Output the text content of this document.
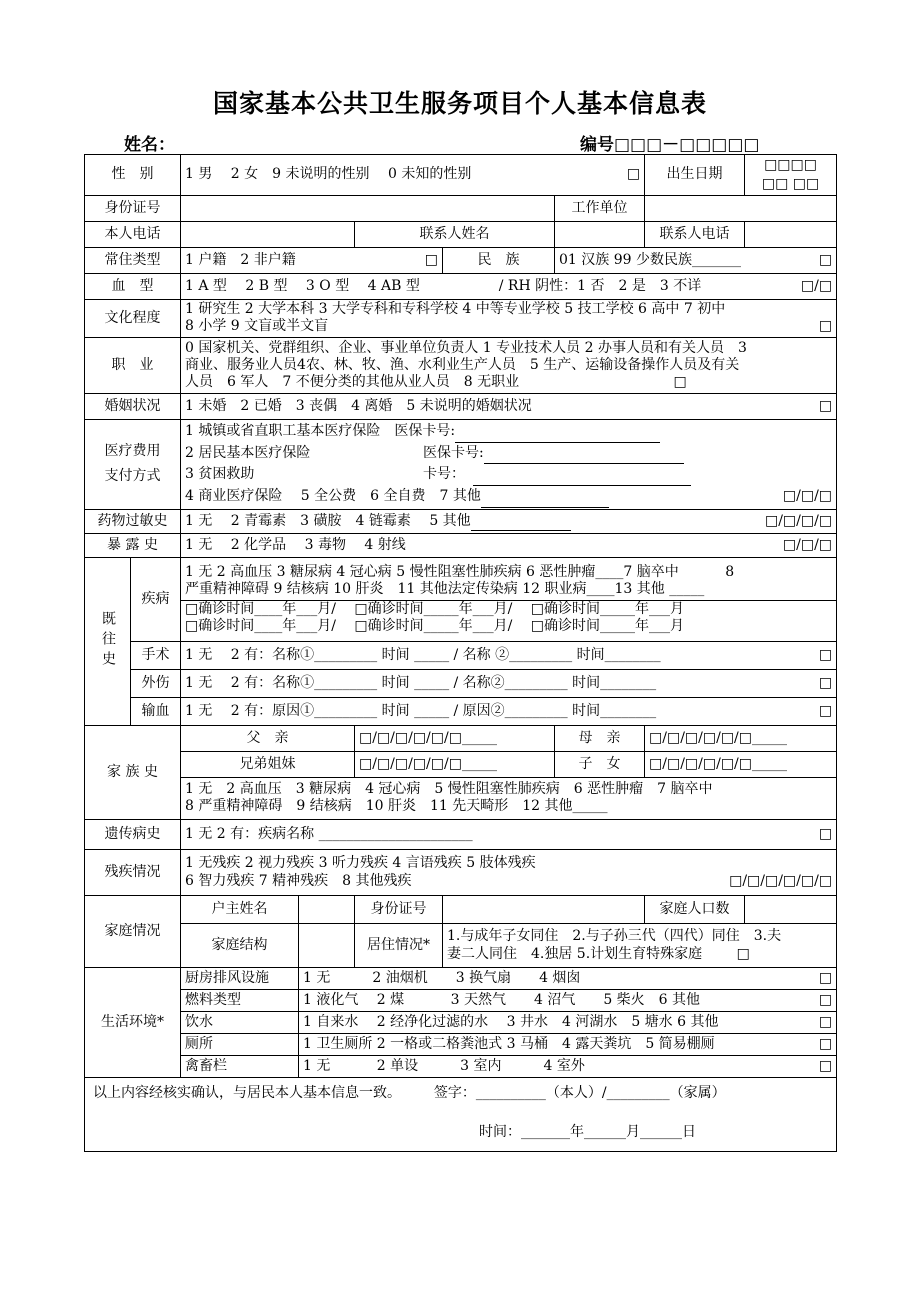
国家基本公共卫生服务项目个人基本信息表
姓名：	编号□□□－□□□□□
性　别		1 男　 2 女　9 未说明的性别　 0 未知的性别 □					出生日期	□□□□ □□ □□
身份证号						工作单位		
本人电话				联系人姓名			联系人电话	
常住类型		1 户籍　2 非户籍 □			民　族	01 汉族 99 少数民族_______ □		

血　型		1 A 型　 2 B 型　 3 O 型　 4 AB 型 / RH 阴性：1 否　2 是　3 不详 □/□						

文化程度		1 研究生 2 大学本科 3 大学专科和专科学校 4 中等专业学校 5 技工学校 6 高中 7 初中
8 小学 9 文盲或半文盲 □						

职　业		0 国家机关、党群组织、企业、事业单位负责人 1 专业技术人员 2 办事人员和有关人员　3
商业、服务业人员4农、林、牧、渔、水利业生产人员　5 生产、运输设备操作人员及有关
人员　6 军人　7 不便分类的其他从业人员　8 无职业 □						

婚姻状况		1 未婚　2 已婚　3 丧偶　4 离婚　5 未说明的婚姻状况 □						

医疗费用
支付方式		1 城镇或省直职工基本医疗保险　医保卡号:
2 居民基本医疗保险 医保卡号:
3 贫困救助 卡号：
4 商业医疗保险　 5 全公费　6 全自费　7 其他 □/□/□						

药物过敏史		1 无　 2 青霉素　3 磺胺　4 链霉素　 5 其他 □/□/□/□						

暴 露 史		1 无　 2 化学品　 3 毒物　 4 射线 □/□/□						

既往史	疾病	1 无 2 高血压 3 糖尿病 4 冠心病 5 慢性阻塞性肺疾病 6 恶性肿瘤____7 脑卒中　　　 8
严重精神障碍 9 结核病 10 肝炎　11 其他法定传染病 12 职业病____13 其他 _____
□确诊时间____年___月/　 □确诊时间_____年___月/　 □确诊时间_____年___月
□确诊时间____年___月/　 □确诊时间_____年___月/　 □确诊时间_____年___月						

	手术	1 无　 2 有：名称①_________ 时间 _____ / 名称 ②_________ 时间________ □						

	外伤	1 无　 2 有：名称①_________ 时间 _____ / 名称②_________ 时间________ □						

	输血	1 无　 2 有：原因①_________ 时间 _____ / 原因②_________ 时间________ □						

家 族 史		父　亲		□/□/□/□/□/□_____		母　亲	□/□/□/□/□/□_____	
		兄弟姐妹		□/□/□/□/□/□_____		子　女	□/□/□/□/□/□_____	

		1 无　2 高血压　3 糖尿病　4 冠心病　5 慢性阻塞性肺疾病　6 恶性肿瘤　7 脑卒中
8 严重精神障碍　9 结核病　10 肝炎　11 先天畸形　12 其他_____						

遗传病史		1 无 2 有：疾病名称 ______________________ □						

残疾情况		1 无残疾 2 视力残疾 3 听力残疾 4 言语残疾 5 肢体残疾
6 智力残疾 7 精神残疾　8 其他残疾 □/□/□/□/□/□						

家庭情况		户主姓名		身份证号			家庭人口数	
		家庭结构		居住情况*	1.与成年子女同住　2.与子孙三代（四代）同住　3.夫
妻二人同住　4.独居 5.计划生育特殊家庭 □			

生活环境*		厨房排风设施	1 无　　　2 油烟机　　3 换气扇　　4 烟囱 □					

		燃料类型	1 液化气　 2 煤　　　 3 天然气　　4 沼气　　5 柴火　6 其他 □					

		饮水	1 自来水　 2 经净化过滤的水　 3 井水　4 河湖水　5 塘水 6 其他 □					

		厕所	1 卫生厕所 2 一格或二格粪池式 3 马桶　4 露天粪坑　5 简易棚厕 □					

		禽畜栏	1 无　　　 2 单设　　　3 室内　　　4 室外 □					

以上内容经核实确认，与居民本人基本信息一致。 签字：__________（本人）/_________（家属）
时间：_______年______月______日								
